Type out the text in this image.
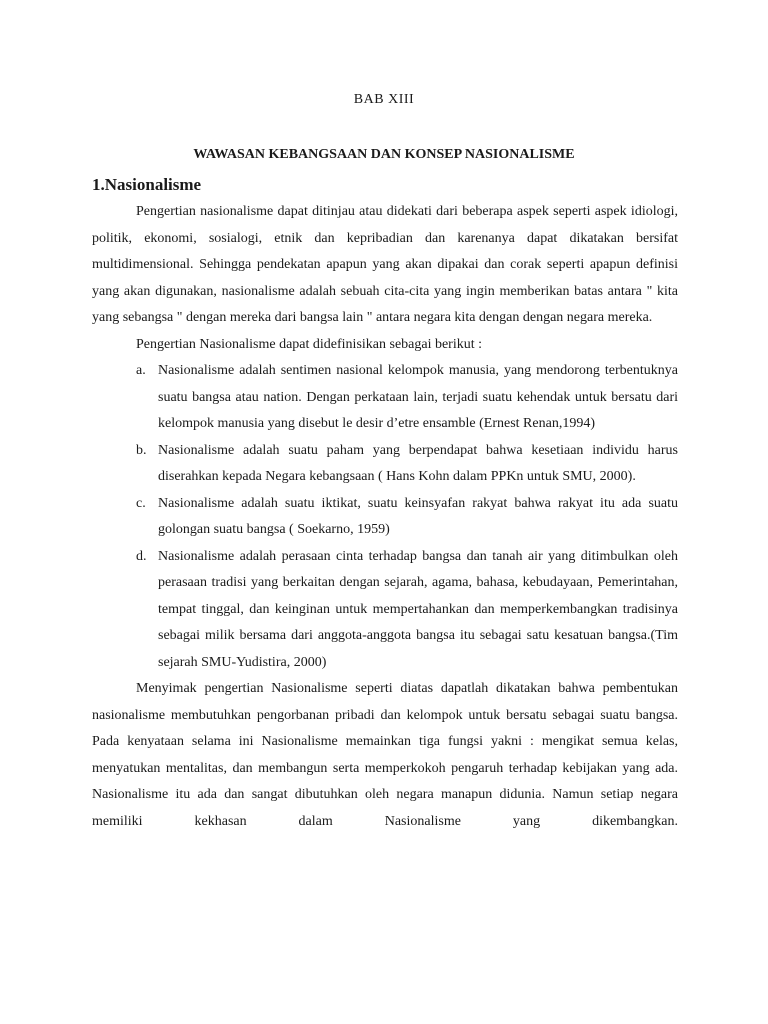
BAB XIII
WAWASAN KEBANGSAAN DAN KONSEP NASIONALISME
1.Nasionalisme

Pengertian nasionalisme dapat ditinjau atau didekati dari beberapa aspek seperti aspek idiologi, politik, ekonomi, sosialogi, etnik dan kepribadian dan karenanya dapat dikatakan bersifat multidimensional. Sehingga pendekatan apapun yang akan dipakai dan corak seperti apapun definisi yang akan digunakan, nasionalisme adalah sebuah cita-cita yang ingin memberikan batas antara " kita yang sebangsa " dengan mereka dari bangsa lain " antara negara kita dengan dengan negara mereka.

Pengertian Nasionalisme dapat didefinisikan sebagai berikut :

a. Nasionalisme adalah sentimen nasional kelompok manusia, yang mendorong terbentuknya suatu bangsa atau nation. Dengan perkataan lain, terjadi suatu kehendak untuk bersatu dari kelompok manusia yang disebut le desir d’etre ensamble (Ernest Renan,1994)
b. Nasionalisme adalah suatu paham yang berpendapat bahwa kesetiaan individu harus diserahkan kepada Negara kebangsaan ( Hans Kohn dalam PPKn untuk SMU, 2000).
c. Nasionalisme adalah suatu iktikat, suatu keinsyafan rakyat bahwa rakyat itu ada suatu golongan suatu bangsa ( Soekarno, 1959)
d. Nasionalisme adalah perasaan cinta terhadap bangsa dan tanah air yang ditimbulkan oleh perasaan tradisi yang berkaitan dengan sejarah, agama, bahasa, kebudayaan, Pemerintahan, tempat tinggal, dan keinginan untuk mempertahankan dan memperkembangkan tradisinya sebagai milik bersama dari anggota-anggota bangsa itu sebagai satu kesatuan bangsa.(Tim sejarah SMU-Yudistira, 2000)

Menyimak pengertian Nasionalisme seperti diatas dapatlah dikatakan bahwa pembentukan nasionalisme membutuhkan pengorbanan pribadi dan kelompok untuk bersatu sebagai suatu bangsa. Pada kenyataan selama ini Nasionalisme memainkan tiga fungsi yakni : mengikat semua kelas, menyatukan mentalitas, dan membangun serta memperkokoh pengaruh terhadap kebijakan yang ada. Nasionalisme itu ada dan sangat dibutuhkan oleh negara manapun didunia. Namun setiap negara memiliki kekhasan dalam Nasionalisme yang dikembangkan.
